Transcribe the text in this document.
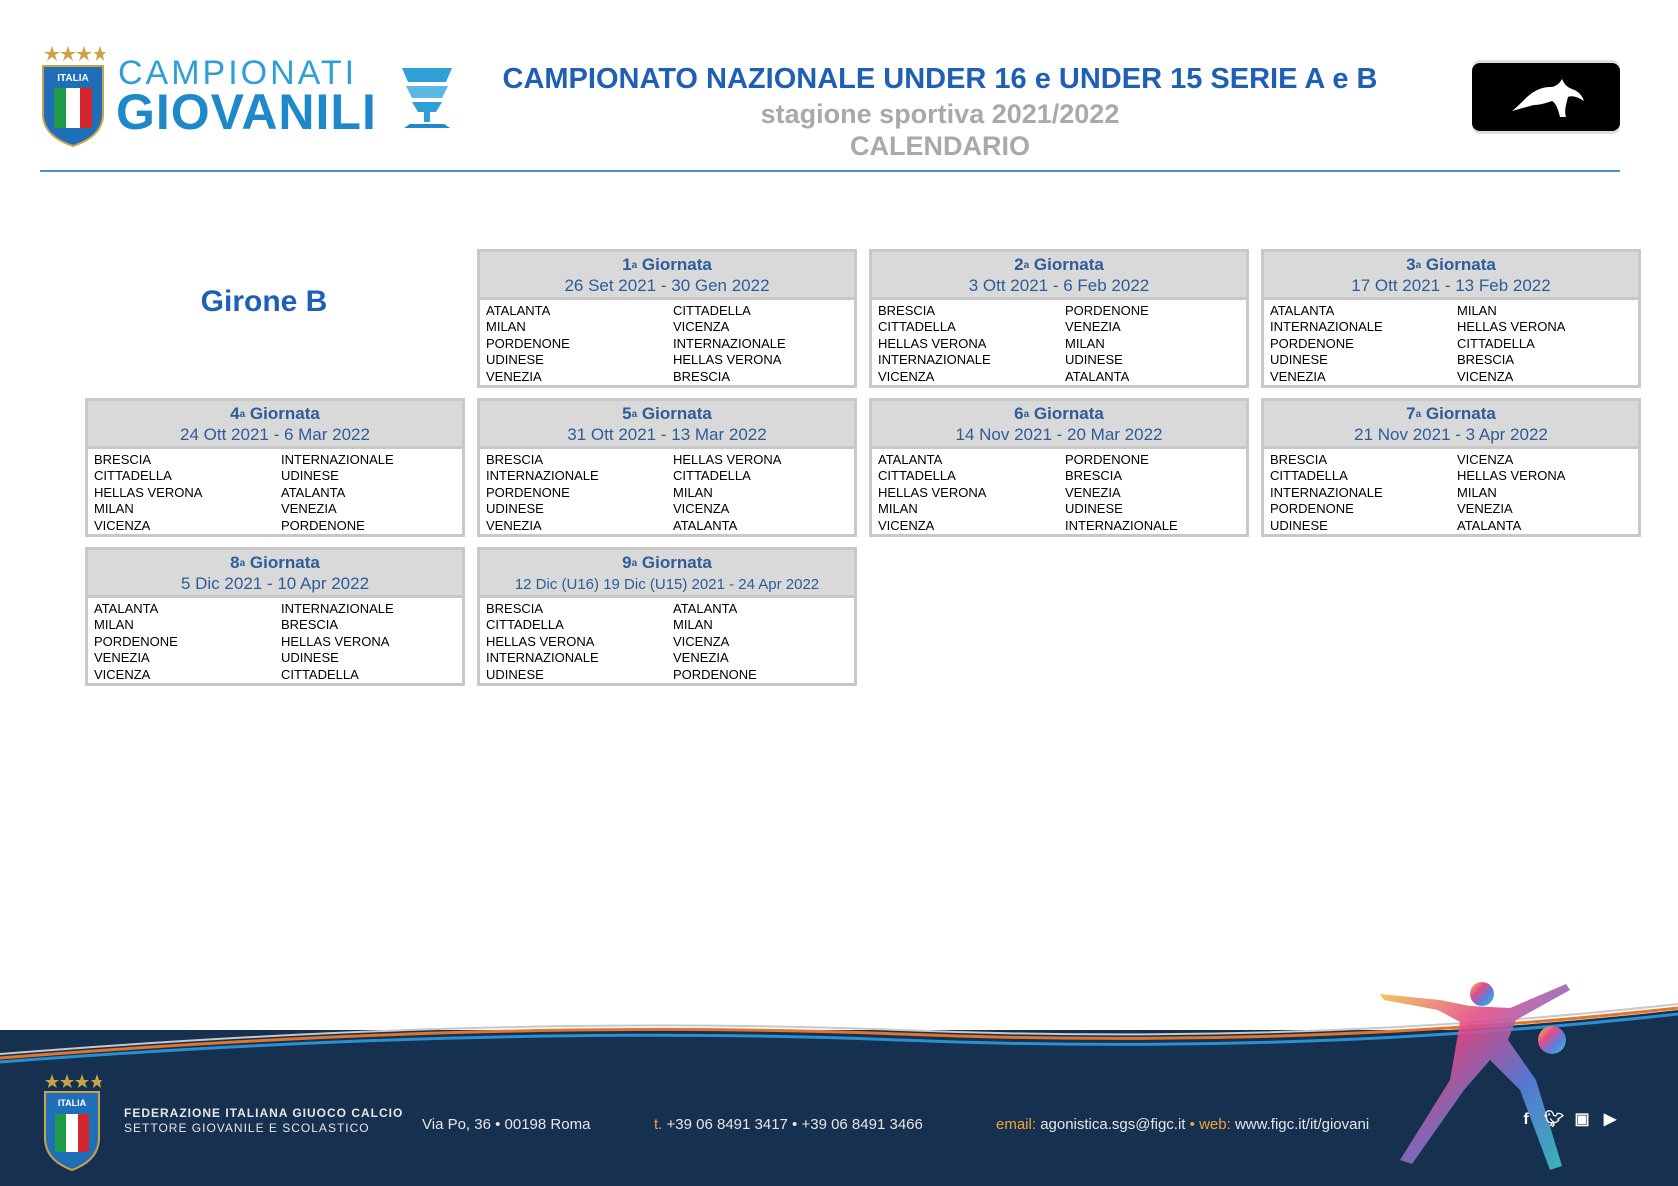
ITALIA CAMPIONATI
GIOVANILI
CAMPIONATO NAZIONALE UNDER 16 e UNDER 15 SERIE A e B
stagione sportiva 2021/2022
CALENDARIO
Girone B
1$^a$ Giornata
26 Set 2021 - 30 Gen 2022
ATALANTA	CITTADELLA
MILAN	VICENZA
PORDENONE	INTERNAZIONALE
UDINESE	HELLAS VERONA
VENEZIA	BRESCIA
2$^a$ Giornata
3 Ott 2021 - 6 Feb 2022
BRESCIA	PORDENONE
CITTADELLA	VENEZIA
HELLAS VERONA	MILAN
INTERNAZIONALE	UDINESE
VICENZA	ATALANTA
3$^a$ Giornata
17 Ott 2021 - 13 Feb 2022
ATALANTA	MILAN
INTERNAZIONALE	HELLAS VERONA
PORDENONE	CITTADELLA
UDINESE	BRESCIA
VENEZIA	VICENZA
4$^a$ Giornata
24 Ott 2021 - 6 Mar 2022
BRESCIA	INTERNAZIONALE
CITTADELLA	UDINESE
HELLAS VERONA	ATALANTA
MILAN	VENEZIA
VICENZA	PORDENONE
5$^a$ Giornata
31 Ott 2021 - 13 Mar 2022
BRESCIA	HELLAS VERONA
INTERNAZIONALE	CITTADELLA
PORDENONE	MILAN
UDINESE	VICENZA
VENEZIA	ATALANTA
6$^a$ Giornata
14 Nov 2021 - 20 Mar 2022
ATALANTA	PORDENONE
CITTADELLA	BRESCIA
HELLAS VERONA	VENEZIA
MILAN	UDINESE
VICENZA	INTERNAZIONALE
7$^a$ Giornata
21 Nov 2021 - 3 Apr 2022
BRESCIA	VICENZA
CITTADELLA	HELLAS VERONA
INTERNAZIONALE	MILAN
PORDENONE	VENEZIA
UDINESE	ATALANTA
8$^a$ Giornata
5 Dic 2021 - 10 Apr 2022
ATALANTA	INTERNAZIONALE
MILAN	BRESCIA
PORDENONE	HELLAS VERONA
VENEZIA	UDINESE
VICENZA	CITTADELLA
9$^a$ Giornata
12 Dic (U16) 19 Dic (U15) 2021 - 24 Apr 2022
BRESCIA	ATALANTA
CITTADELLA	MILAN
HELLAS VERONA	VICENZA
INTERNAZIONALE	VENEZIA
UDINESE	PORDENONE
ITALIA
FEDERAZIONE ITALIANA GIUOCO CALCIO
SETTORE GIOVANILE E SCOLASTICO	Via Po, 36 • 00198 Roma	t. +39 06 8491 3417 • +39 06 8491 3466	email: agonistica.sgs@figc.it • web: www.figc.it/it/giovani	f 🐦︎ ▣ ▶
